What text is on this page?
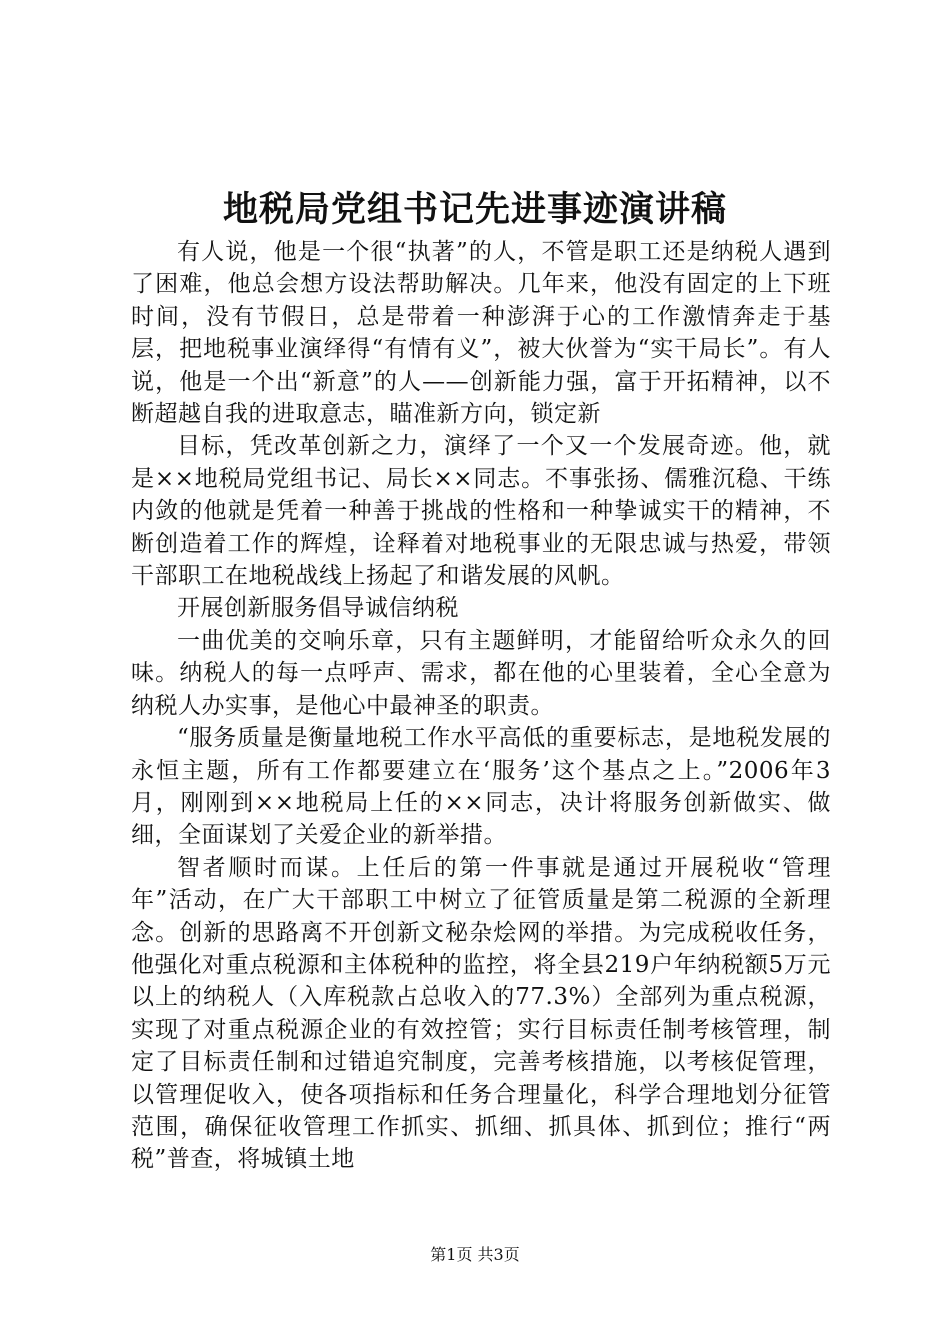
地税局党组书记先进事迹演讲稿

有人说，他是一个很“执著”的人，不管是职工还是纳税人遇到了困难，他总会想方设法帮助解决。几年来，他没有固定的上下班时间，没有节假日，总是带着一种澎湃于心的工作激情奔走于基层，把地税事业演绎得“有情有义”，被大伙誉为“实干局长”。有人说，他是一个出“新意”的人——创新能力强，富于开拓精神，以不断超越自我的进取意志，瞄准新方向，锁定新

目标，凭改革创新之力，演绎了一个又一个发展奇迹。他，就是××地税局党组书记、局长××同志。不事张扬、儒雅沉稳、干练内敛的他就是凭着一种善于挑战的性格和一种挚诚实干的精神，不断创造着工作的辉煌，诠释着对地税事业的无限忠诚与热爱，带领干部职工在地税战线上扬起了和谐发展的风帆。

开展创新服务倡导诚信纳税

一曲优美的交响乐章，只有主题鲜明，才能留给听众永久的回味。纳税人的每一点呼声、需求，都在他的心里装着，全心全意为纳税人办实事，是他心中最神圣的职责。

“服务质量是衡量地税工作水平高低的重要标志，是地税发展的永恒主题，所有工作都要建立在‘服务’这个基点之上。”2006年3月，刚刚到××地税局上任的××同志，决计将服务创新做实、做细，全面谋划了关爱企业的新举措。

智者顺时而谋。上任后的第一件事就是通过开展税收“管理年”活动，在广大干部职工中树立了征管质量是第二税源的全新理念。创新的思路离不开创新文秘杂烩网的举措。为完成税收任务，他强化对重点税源和主体税种的监控，将全县219户年纳税额5万元以上的纳税人（入库税款占总收入的77.3%）全部列为重点税源，实现了对重点税源企业的有效控管；实行目标责任制考核管理，制定了目标责任制和过错追究制度，完善考核措施，以考核促管理，以管理促收入，使各项指标和任务合理量化，科学合理地划分征管范围，确保征收管理工作抓实、抓细、抓具体、抓到位；推行“两税”普查，将城镇土地

第1页 共3页
